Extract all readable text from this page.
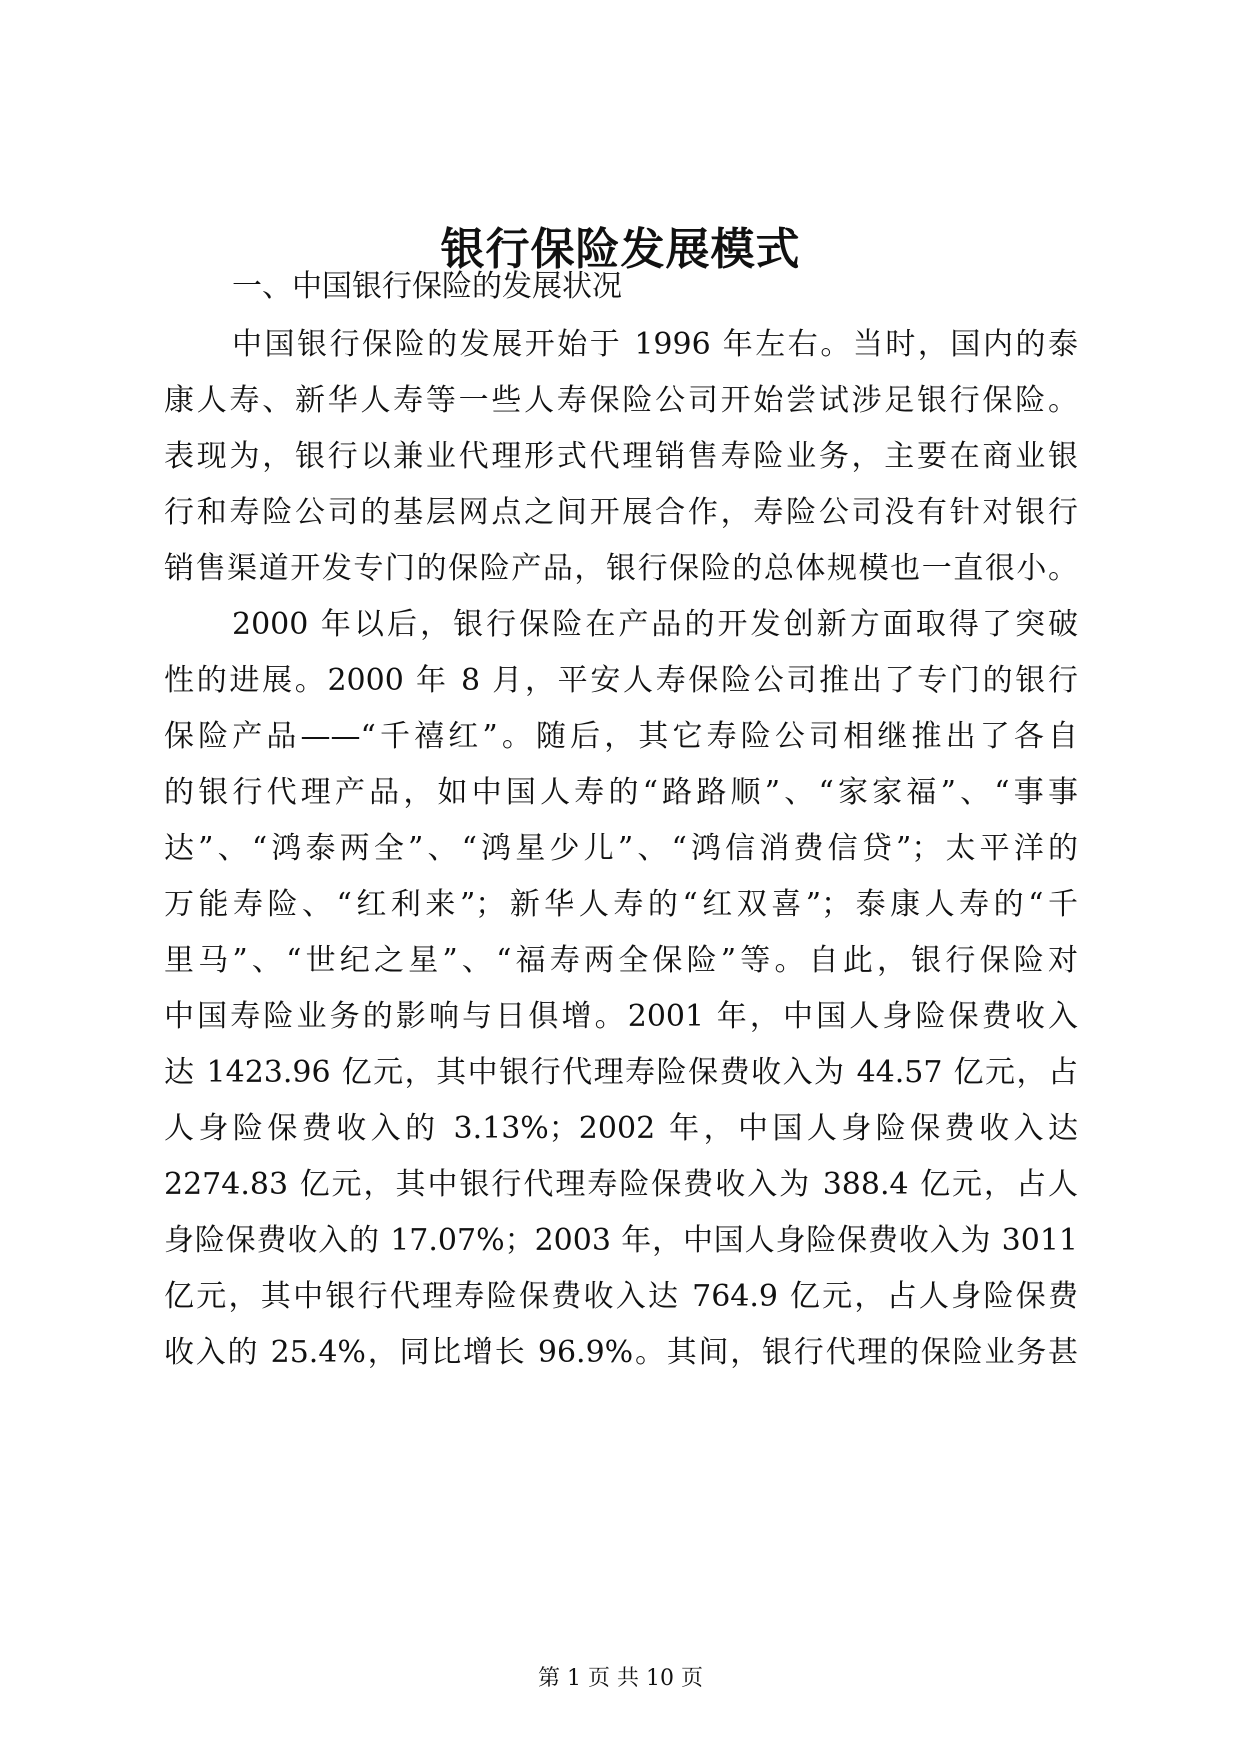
银行保险发展模式
一、中国银行保险的发展状况
中国银行保险的发展开始于 1996 年左右。当时，国内的泰
康人寿、新华人寿等一些人寿保险公司开始尝试涉足银行保险。
表现为，银行以兼业代理形式代理销售寿险业务，主要在商业银
行和寿险公司的基层网点之间开展合作，寿险公司没有针对银行
销售渠道开发专门的保险产品，银行保险的总体规模也一直很小。
2000 年以后，银行保险在产品的开发创新方面取得了突破
性的进展。2000 年 8 月，平安人寿保险公司推出了专门的银行
保险产品——“千禧红”。随后，其它寿险公司相继推出了各自
的银行代理产品，如中国人寿的“路路顺”、“家家福”、“事事
达”、“鸿泰两全”、“鸿星少儿”、“鸿信消费信贷”；太平洋的
万能寿险、“红利来”；新华人寿的“红双喜”；泰康人寿的“千
里马”、“世纪之星”、“福寿两全保险”等。自此，银行保险对
中国寿险业务的影响与日俱增。2001 年，中国人身险保费收入
达 1423.96 亿元，其中银行代理寿险保费收入为 44.57 亿元，占
人身险保费收入的 3.13%；2002 年，中国人身险保费收入达
2274.83 亿元，其中银行代理寿险保费收入为 388.4 亿元，占人
身险保费收入的 17.07%；2003 年，中国人身险保费收入为 3011
亿元，其中银行代理寿险保费收入达 764.9 亿元，占人身险保费
收入的 25.4%，同比增长 96.9%。其间，银行代理的保险业务甚
第 1 页 共 10 页
